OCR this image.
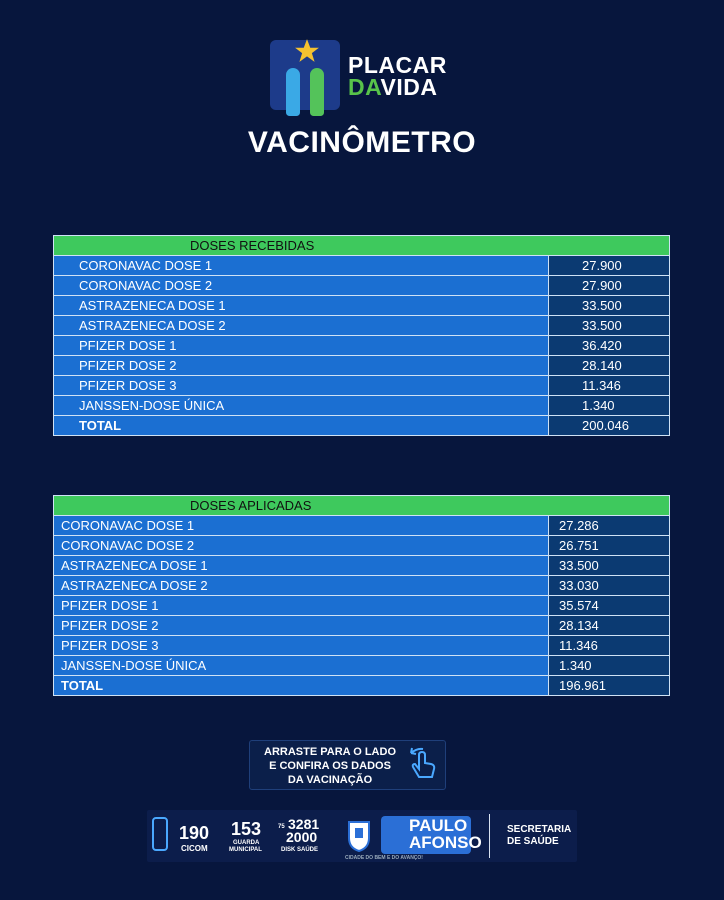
PLACAR
DAVIDA
VACINÔMETRO
DOSES RECEBIDAS	
CORONAVAC DOSE 1	27.900
CORONAVAC DOSE 2	27.900
ASTRAZENECA DOSE 1	33.500
ASTRAZENECA DOSE 2	33.500
PFIZER DOSE 1	36.420
PFIZER DOSE 2	28.140
PFIZER DOSE 3	11.346
JANSSEN-DOSE ÚNICA	1.340
TOTAL	200.046
DOSES APLICADAS	
CORONAVAC DOSE 1	27.286
CORONAVAC DOSE 2	26.751
ASTRAZENECA DOSE 1	33.500
ASTRAZENECA DOSE 2	33.030
PFIZER DOSE 1	35.574
PFIZER DOSE 2	28.134
PFIZER DOSE 3	11.346
JANSSEN-DOSE ÚNICA	1.340
TOTAL	196.961
ARRASTE PARA O LADO
E CONFIRA OS DADOS
DA VACINAÇÃO
190
CICOM
153
GUARDA
MUNICIPAL
75 3281
2000
DISK SAÚDE
PAULO
AFONSO
CIDADE DO BEM E DO AVANÇO!
SECRETARIA
DE SAÚDE
